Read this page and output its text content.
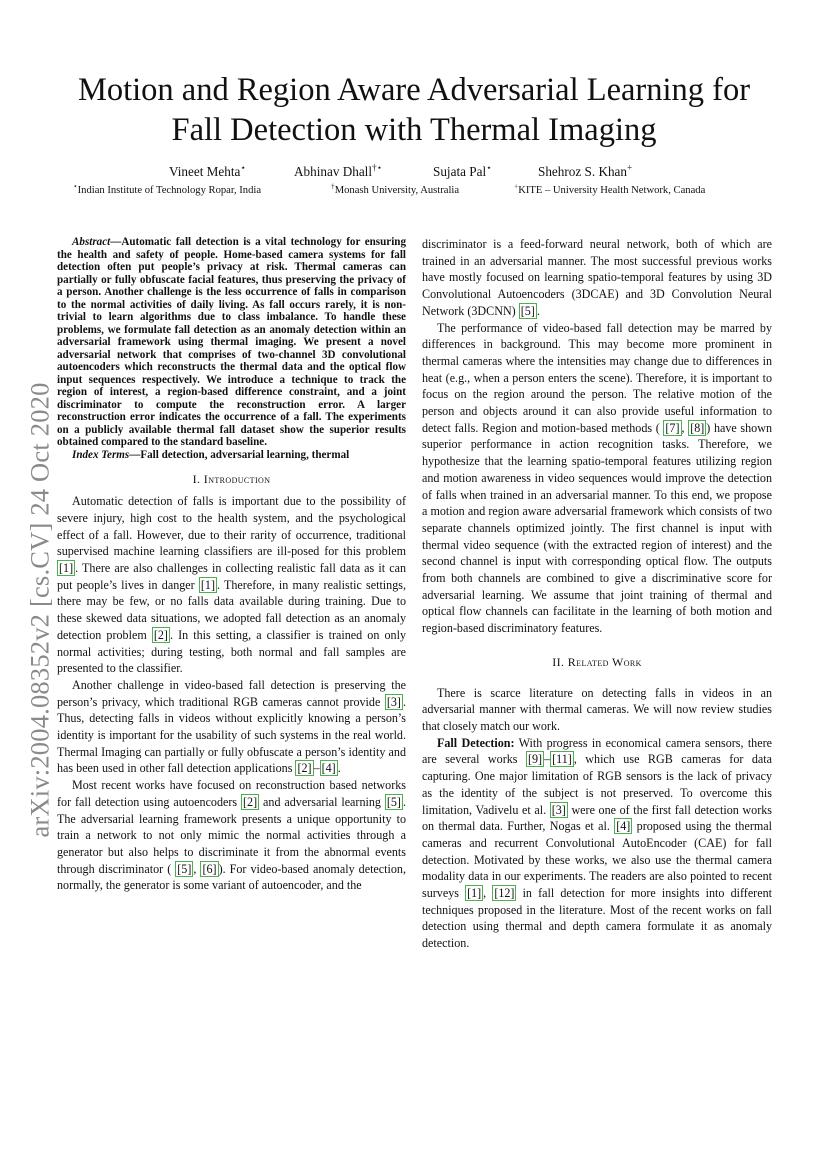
Motion and Region Aware Adversarial Learning for
Fall Detection with Thermal Imaging
Vineet Mehta⋆	Abhinav Dhall†⋆	Sujata Pal⋆	Shehroz S. Khan+
⋆Indian Institute of Technology Ropar, India	†Monash University, Australia	+KITE – University Health Network, Canada
arXiv:2004.08352v2 [cs.CV] 24 Oct 2020

Abstract—Automatic fall detection is a vital technology for ensuring the health and safety of people. Home-based camera systems for fall detection often put people’s privacy at risk. Thermal cameras can partially or fully obfuscate facial features, thus preserving the privacy of a person. Another challenge is the less occurrence of falls in comparison to the normal activities of daily living. As fall occurs rarely, it is non-trivial to learn algorithms due to class imbalance. To handle these problems, we formulate fall detection as an anomaly detection within an adversarial framework using thermal imaging. We present a novel adversarial network that comprises of two-channel 3D convolutional autoencoders which reconstructs the thermal data and the optical flow input sequences respectively. We introduce a technique to track the region of interest, a region-based difference constraint, and a joint discriminator to compute the reconstruction error. A larger reconstruction error indicates the occurrence of a fall. The experiments on a publicly available thermal fall dataset show the superior results obtained compared to the standard baseline.

Index Terms—Fall detection, adversarial learning, thermal

I. Introduction

Automatic detection of falls is important due to the possibility of severe injury, high cost to the health system, and the psychological effect of a fall. However, due to their rarity of occurrence, traditional supervised machine learning classifiers are ill-posed for this problem [1] . There are also challenges in collecting realistic fall data as it can put people’s lives in danger [1] . Therefore, in many realistic settings, there may be few, or no falls data available during training. Due to these skewed data situations, we adopted fall detection as an anomaly detection problem [2] . In this setting, a classifier is trained on only normal activities; during testing, both normal and fall samples are presented to the classifier.

Another challenge in video-based fall detection is preserving the person’s privacy, which traditional RGB cameras cannot provide [3] . Thus, detecting falls in videos without explicitly knowing a person’s identity is important for the usability of such systems in the real world. Thermal Imaging can partially or fully obfuscate a person’s identity and has been used in other fall detection applications [2] – [4] .

Most recent works have focused on reconstruction based networks for fall detection using autoencoders [2] and adversarial learning [5] . The adversarial learning framework presents a unique opportunity to train a network to not only mimic the normal activities through a generator but also helps to discriminate it from the abnormal events through discriminator ( [5] , [6] ). For video-based anomaly detection, normally, the generator is some variant of autoencoder, and the

discriminator is a feed-forward neural network, both of which are trained in an adversarial manner. The most successful previous works have mostly focused on learning spatio-temporal features by using 3D Convolutional Autoencoders (3DCAE) and 3D Convolution Neural Network (3DCNN) [5] .

The performance of video-based fall detection may be marred by differences in background. This may become more prominent in thermal cameras where the intensities may change due to differences in heat (e.g., when a person enters the scene). Therefore, it is important to focus on the region around the person. The relative motion of the person and objects around it can also provide useful information to detect falls. Region and motion-based methods ( [7] , [8] ) have shown superior performance in action recognition tasks. Therefore, we hypothesize that the learning spatio-temporal features utilizing region and motion awareness in video sequences would improve the detection of falls when trained in an adversarial manner. To this end, we propose a motion and region aware adversarial framework which consists of two separate channels optimized jointly. The first channel is input with thermal video sequence (with the extracted region of interest) and the second channel is input with corresponding optical flow. The outputs from both channels are combined to give a discriminative score for adversarial learning. We assume that joint training of thermal and optical flow channels can facilitate in the learning of both motion and region-based discriminatory features.

II. Related Work

There is scarce literature on detecting falls in videos in an adversarial manner with thermal cameras. We will now review studies that closely match our work.

Fall Detection: With progress in economical camera sensors, there are several works [9] – [11] , which use RGB cameras for data capturing. One major limitation of RGB sensors is the lack of privacy as the identity of the subject is not preserved. To overcome this limitation, Vadivelu et al. [3] were one of the first fall detection works on thermal data. Further, Nogas et al. [4] proposed using the thermal cameras and recurrent Convolutional AutoEncoder (CAE) for fall detection. Motivated by these works, we also use the thermal camera modality data in our experiments. The readers are also pointed to recent surveys [1] , [12] in fall detection for more insights into different techniques proposed in the literature. Most of the recent works on fall detection using thermal and depth camera formulate it as anomaly detection.
